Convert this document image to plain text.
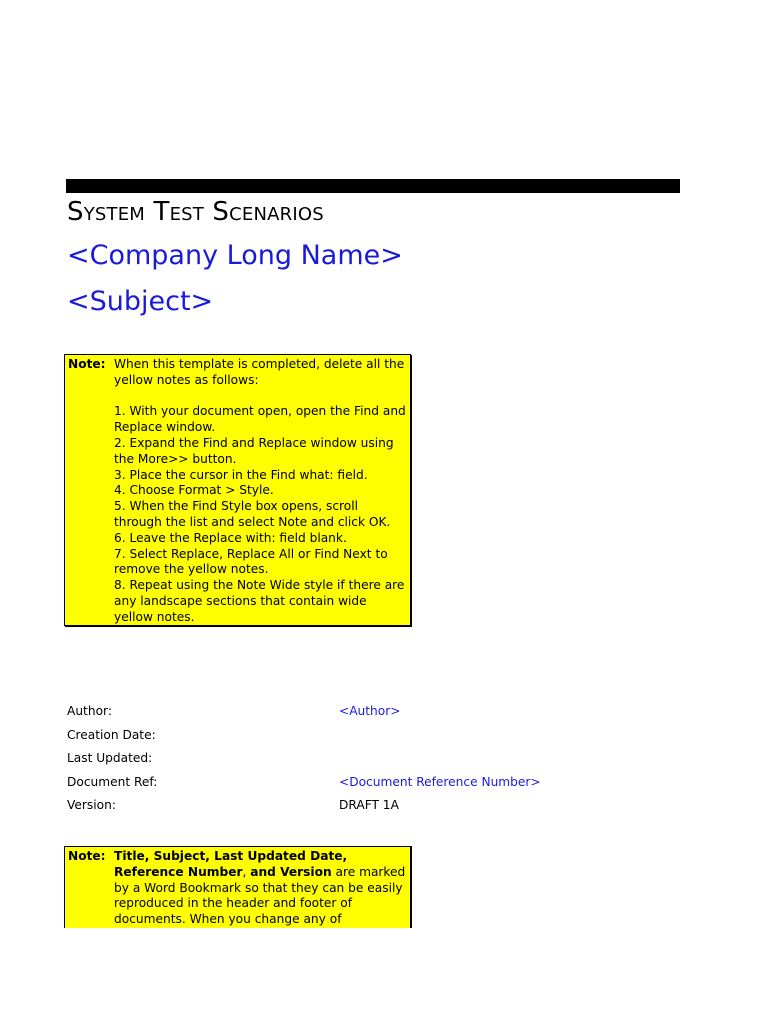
System Test Scenarios
<Company Long Name>
<Subject>
Note: When this template is completed, delete all the yellow notes as follows:

1. With your document open, open the Find and Replace window.

2. Expand the Find and Replace window using the More>> button.

3. Place the cursor in the Find what: field.

4. Choose Format > Style.

5. When the Find Style box opens, scroll through the list and select Note and click OK.

6. Leave the Replace with: field blank.

7. Select Replace, Replace All or Find Next to remove the yellow notes.

8. Repeat using the Note Wide style if there are any landscape sections that contain wide yellow notes.

Author:	<Author>
Creation Date:
Last Updated:
Document Ref:	<Document Reference Number>
Version:	DRAFT 1A
Note: Title, Subject, Last Updated Date, Reference Number, and Version are marked by a Word Bookmark so that they can be easily reproduced in the header and footer of documents. When you change any of
